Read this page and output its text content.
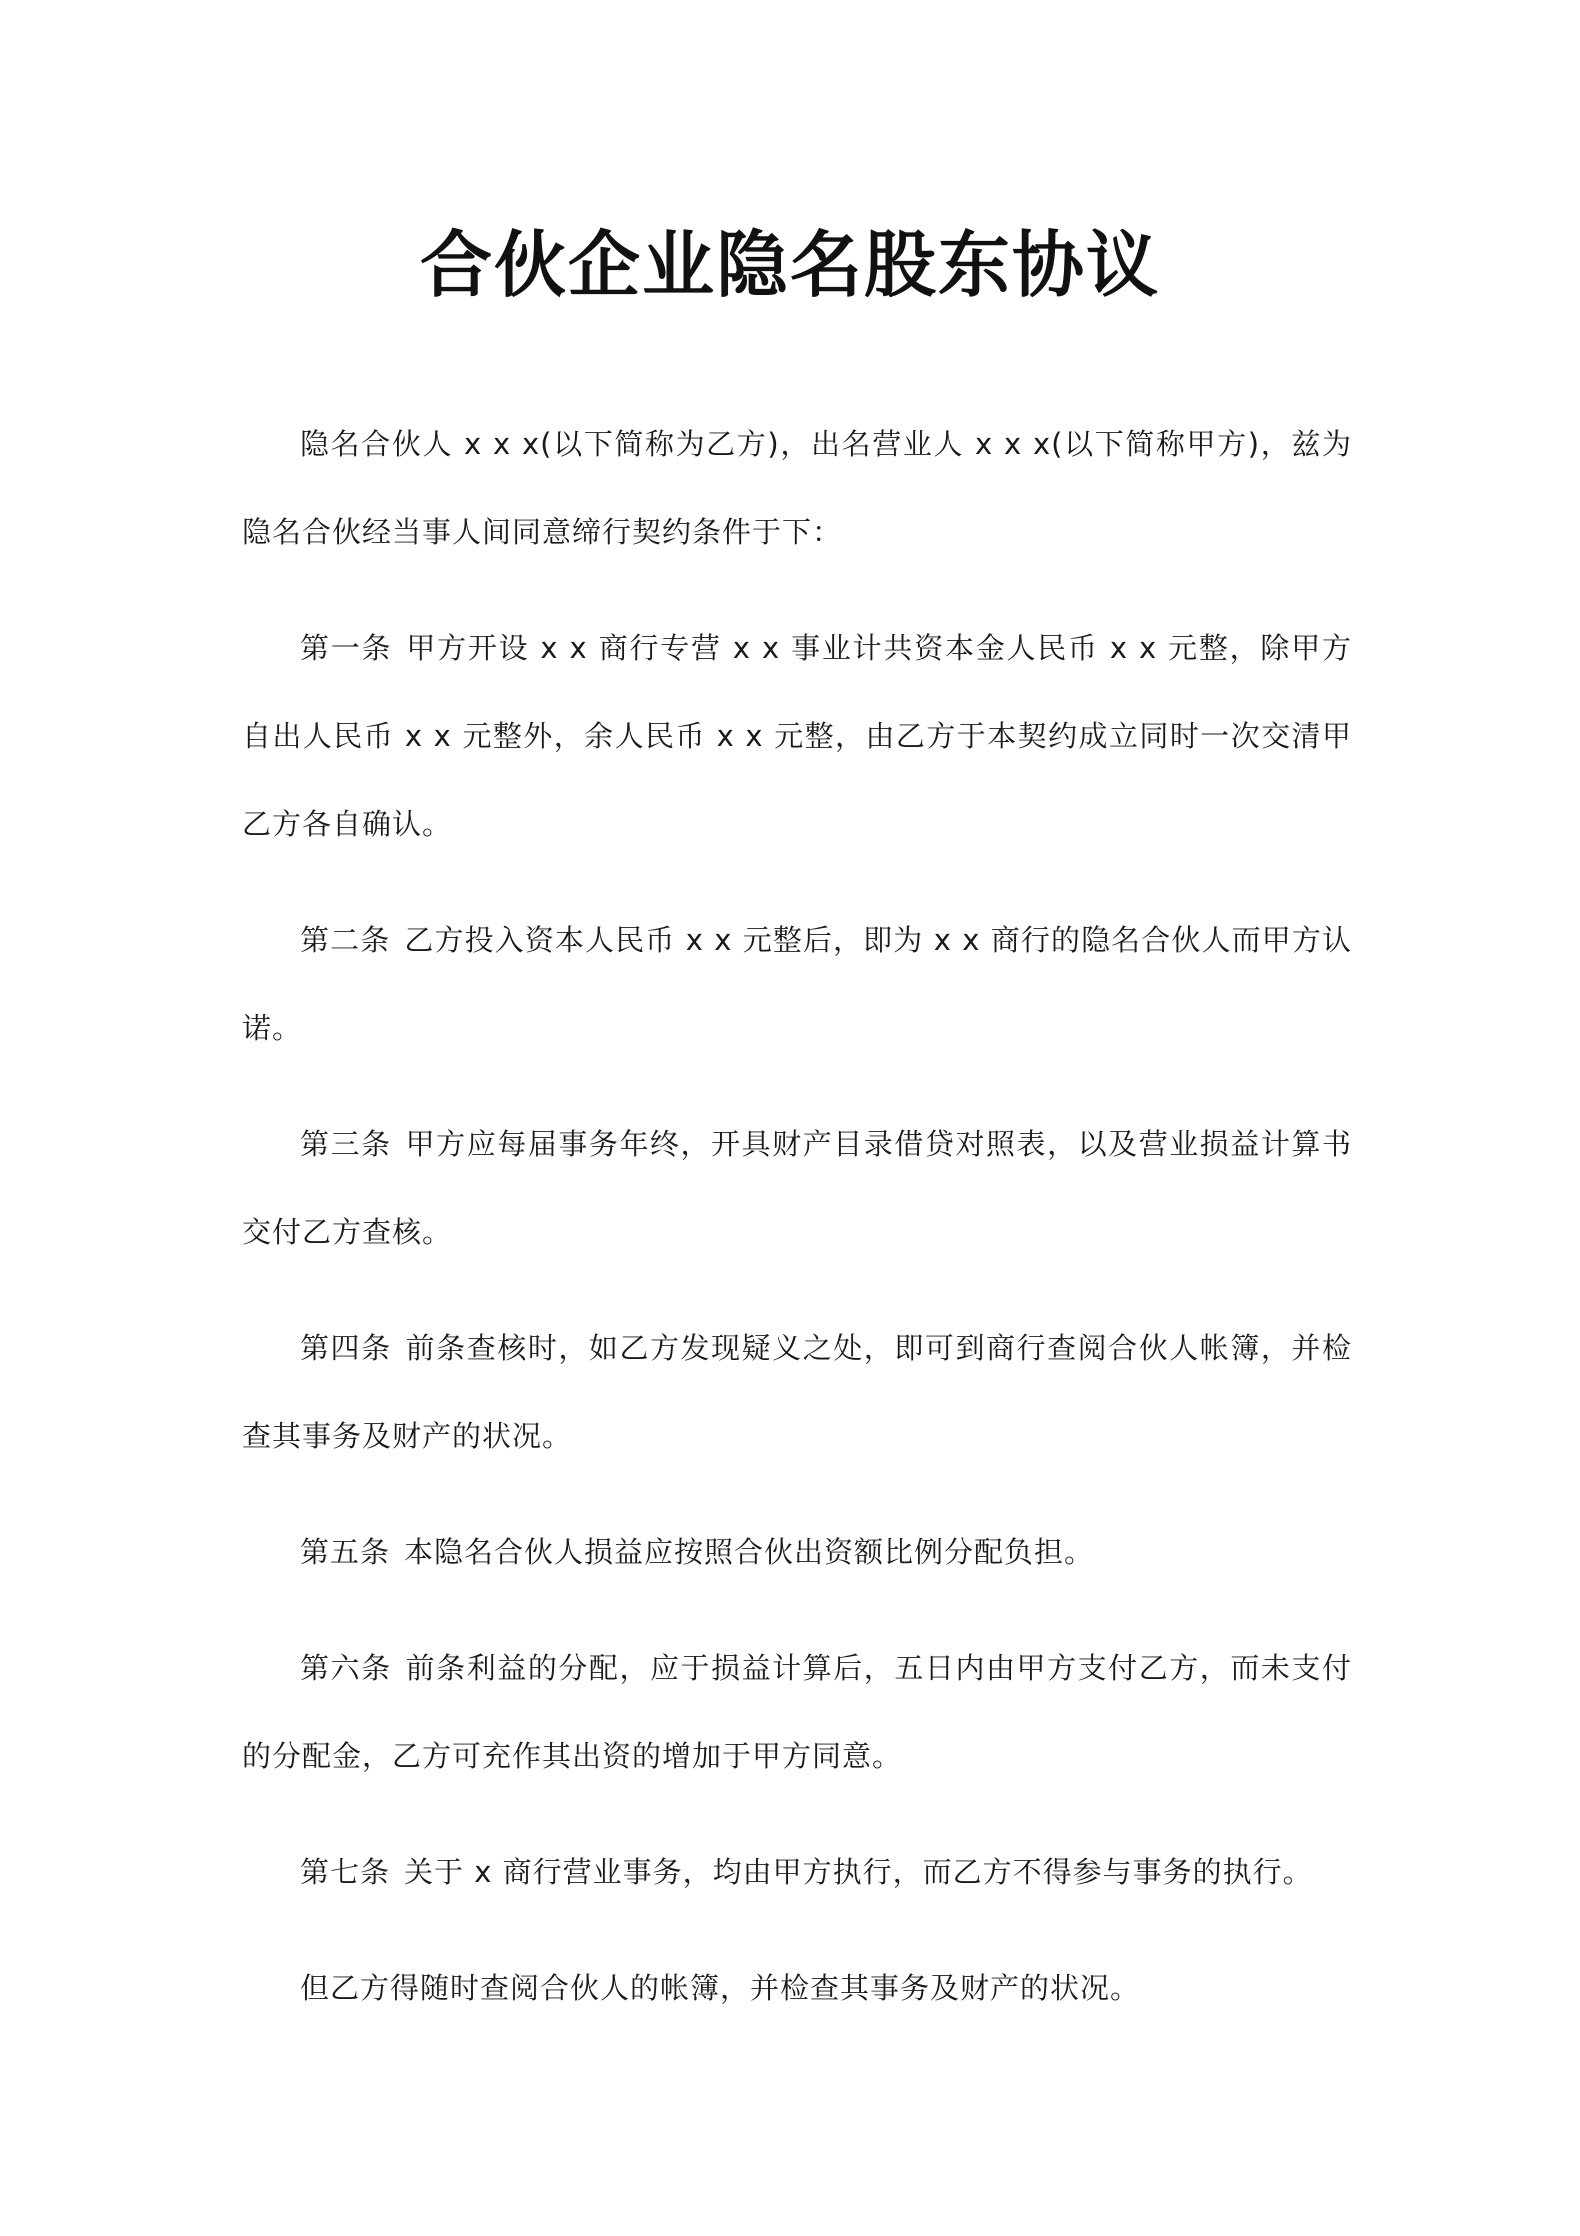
合伙企业隐名股东协议

隐名合伙人 x x x(以下简称为乙方)，出名营业人 x x x(以下简称甲方)，兹为隐名合伙经当事人间同意缔行契约条件于下：

第一条 甲方开设 x x 商行专营 x x 事业计共资本金人民币 x x 元整，除甲方自出人民币 x x 元整外，余人民币 x x 元整，由乙方于本契约成立同时一次交清甲乙方各自确认。

第二条 乙方投入资本人民币 x x 元整后，即为 x x 商行的隐名合伙人而甲方认诺。

第三条 甲方应每届事务年终，开具财产目录借贷对照表，以及营业损益计算书交付乙方查核。

第四条 前条查核时，如乙方发现疑义之处，即可到商行查阅合伙人帐簿，并检查其事务及财产的状况。

第五条 本隐名合伙人损益应按照合伙出资额比例分配负担。

第六条 前条利益的分配，应于损益计算后，五日内由甲方支付乙方，而未支付的分配金，乙方可充作其出资的增加于甲方同意。

第七条 关于 x 商行营业事务，均由甲方执行，而乙方不得参与事务的执行。

但乙方得随时查阅合伙人的帐簿，并检查其事务及财产的状况。
